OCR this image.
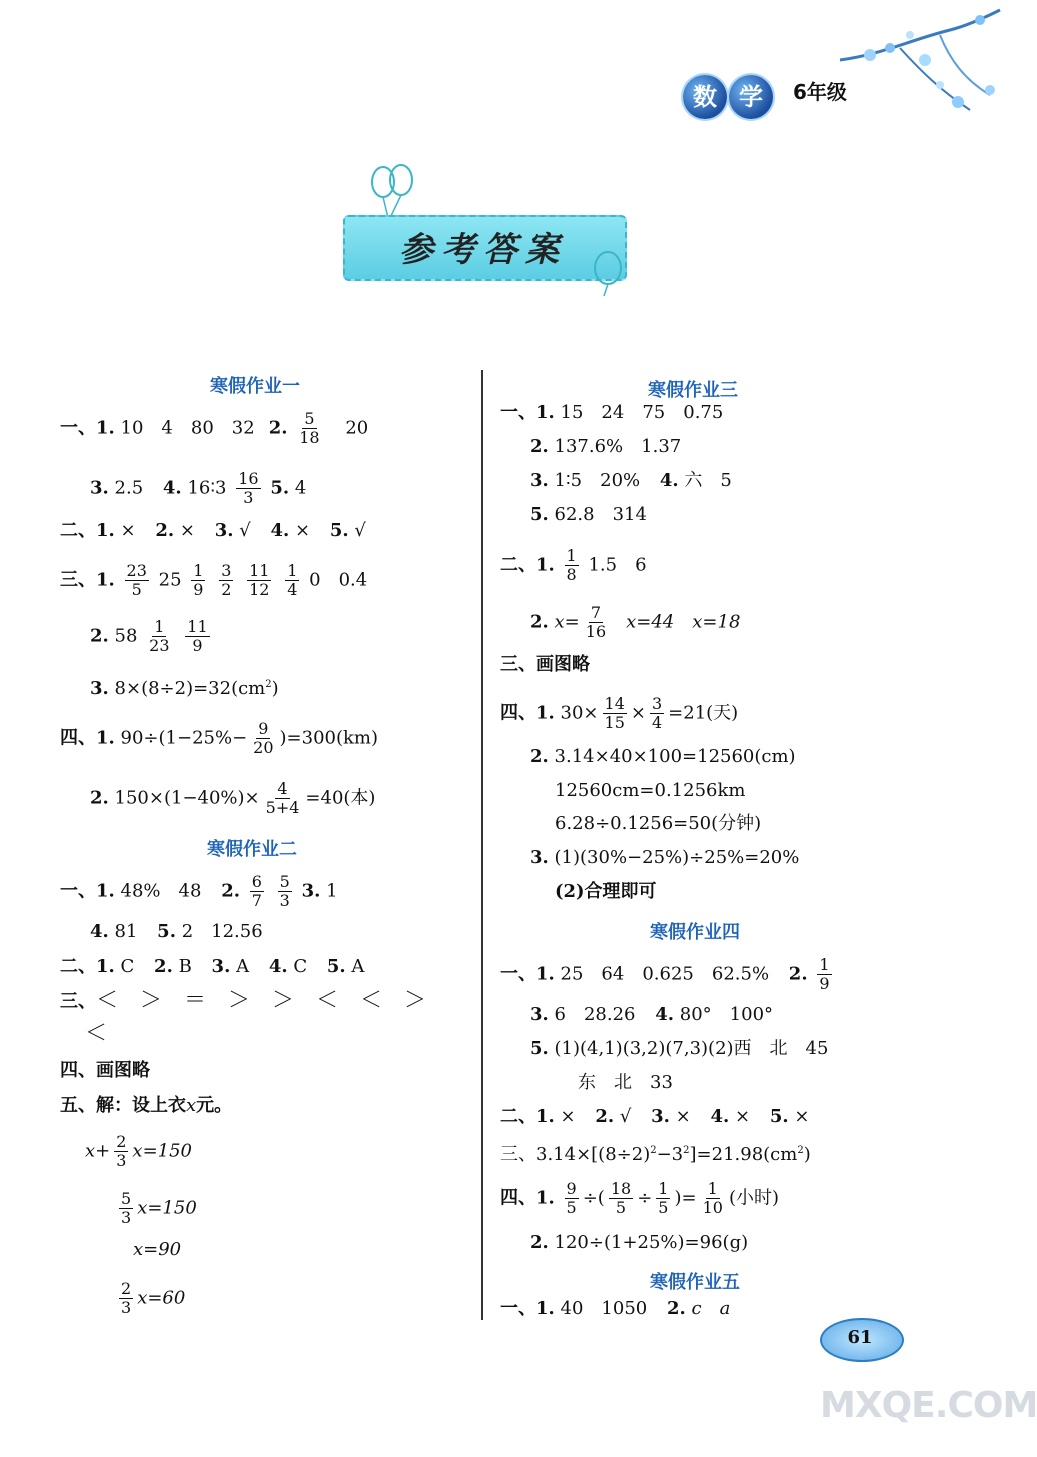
数 学	6年级
参考答案
寒假作业一
一、1. 10　4　80　32 2. $\frac{5}{18} 20$
3. 2.5 4. 16∶3 $\frac{16}{3} 5$. 4
二、1. × 2. × 3. √ 4. × 5. √
三、1. $\frac{23}{5} 25 \frac{1}{9}$
$\frac{3}{2}$
$\frac{11}{12}$
$\frac{1}{4} 0$　0.4
2. $58 \frac{1}{23}$
$\frac{11}{9}$
3. $8\times(8\div 2)=32(cm^2)$
四、1. $90\div(1-25\%- \frac{9}{20} )=300(km)$
2. $150\times(1-40\%)\times \frac{4}{5+4} =40$(本)
寒假作业二
一、1. 48%　48 2. $\frac{6}{7}$
$\frac{5}{3} 3$. 1
4. 81 5. 2　12.56
二、1. C 2. B 3. A 4. C 5. A
三、＜　＞　＝　＞　＞　＜　＜　＞
＜
四、画图略
五、解：设上衣x元。
$x+ \frac{2}{3} x=150$
$\frac{5}{3} x=150$
x=90
$\frac{2}{3} x=60$
寒假作业三
一、1. 15　24　75　0.75
2. 137.6%　1.37
3. 1∶5　20% 4. 六　5
5. 62.8　314
二、1. $\frac{1}{8} 1.5$　6
2. $x= \frac{7}{16} x=44$　x=18
三、画图略
四、1. $30\times \frac{14}{15} \times \frac{3}{4} =21$(天)
2. 3.14×40×100=12560(cm)
12560cm=0.1256km
6.28÷0.1256=50(分钟)
3. (1)(30%−25%)÷25%=20%
(2)合理即可
寒假作业四
一、1. 25　64　0.625　62.5% 2. $\frac{1}{9}$
3. 6　28.26 4. 80°　100°
5. (1)(4,1)(3,2)(7,3)(2)西　北　45
东　北　33
二、1. × 2. √ 3. × 4. × 5. ×
三、$3.14\times[(8\div 2)^2-3^2]=21.98(cm^2)$
四、1. $\frac{9}{5}$ ÷( $\frac{18}{5} \div \frac{1}{5}$ )= $\frac{1}{10}$ (小时)
2. 120÷(1+25%)=96(g)
寒假作业五
一、1. 40　1050 2. c　a
61
MXQE.COM
